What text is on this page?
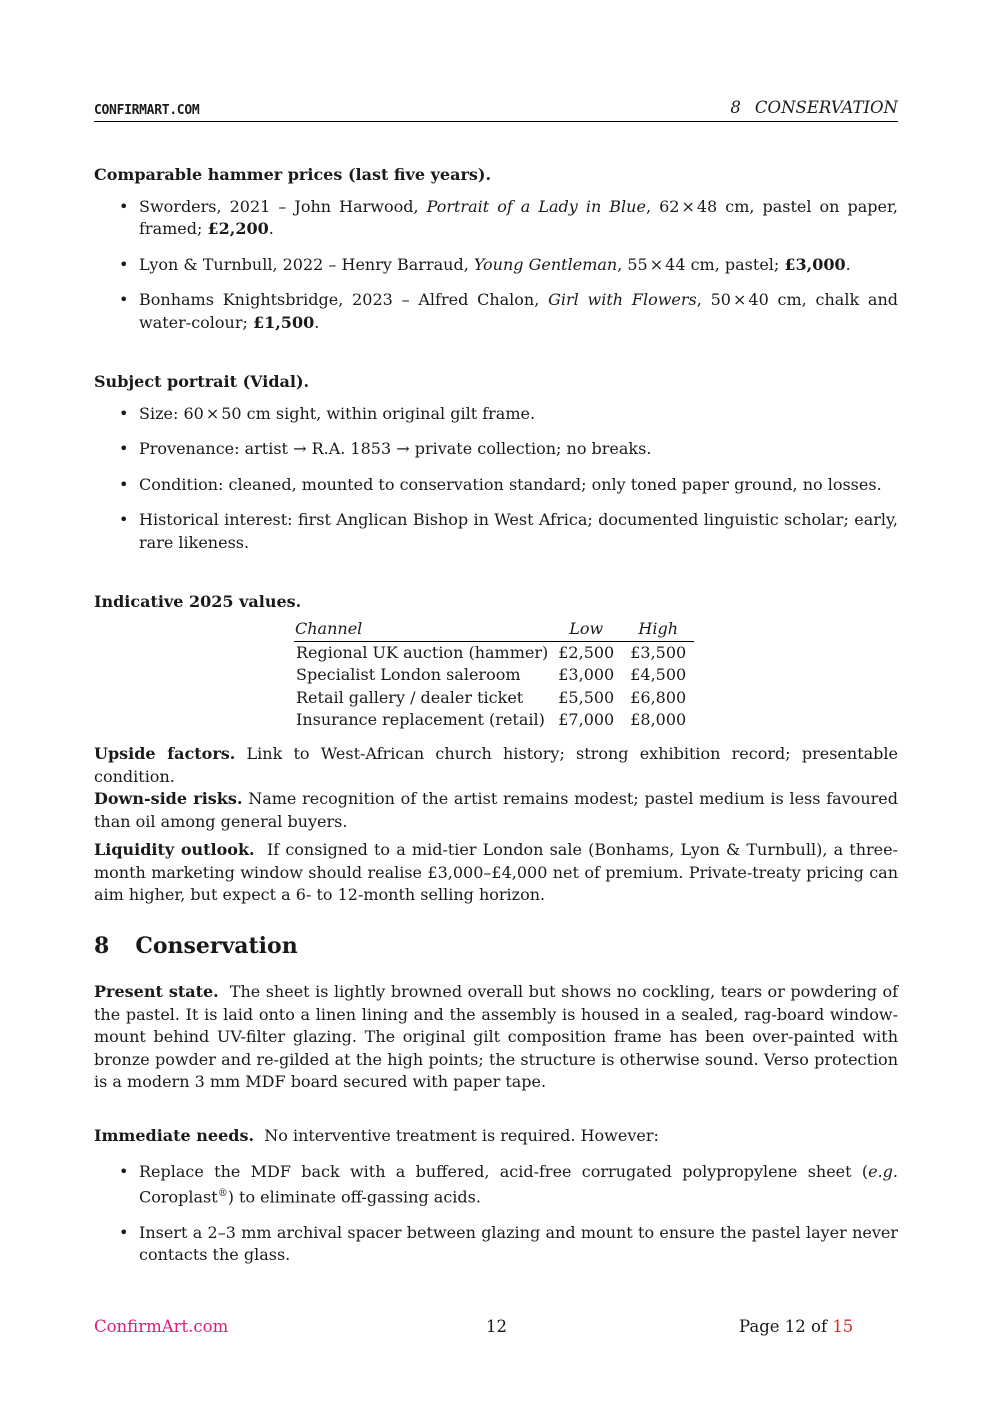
CONFIRMART.COM	8 CONSERVATION
Comparable hammer prices (last five years).
• Sworders, 2021 – John Harwood, Portrait of a Lady in Blue, 62 × 48 cm, pastel on paper, framed; £2,200.
• Lyon & Turnbull, 2022 – Henry Barraud, Young Gentleman, 55 × 44 cm, pastel; £3,000.
• Bonhams Knightsbridge, 2023 – Alfred Chalon, Girl with Flowers, 50 × 40 cm, chalk and water-colour; £1,500.
Subject portrait (Vidal).
• Size: 60 × 50 cm sight, within original gilt frame.
• Provenance: artist → R.A. 1853 → private collection; no breaks.
• Condition: cleaned, mounted to conservation standard; only toned paper ground, no losses.
• Historical interest: first Anglican Bishop in West Africa; documented linguistic scholar; early, rare likeness.
Indicative 2025 values.
Channel	Low	High
Regional UK auction (hammer)	£2,500	£3,500
Specialist London saleroom	£3,000	£4,500
Retail gallery / dealer ticket	£5,500	£6,800
Insurance replacement (retail)	£7,000	£8,000

Upside factors. Link to West-African church history; strong exhibition record; presentable condition.

Down-side risks. Name recognition of the artist remains modest; pastel medium is less favoured than oil among general buyers.

Liquidity outlook. If consigned to a mid-tier London sale (Bonhams, Lyon & Turnbull), a three-month marketing window should realise £3,000–£4,000 net of premium. Private-treaty pricing can aim higher, but expect a 6- to 12-month selling horizon.

8 Conservation

Present state. The sheet is lightly browned overall but shows no cockling, tears or powdering of the pastel. It is laid onto a linen lining and the assembly is housed in a sealed, rag-board window-mount behind UV-filter glazing. The original gilt composition frame has been over-painted with bronze powder and re-gilded at the high points; the structure is otherwise sound. Verso protection is a modern 3 mm MDF board secured with paper tape.

Immediate needs. No interventive treatment is required. However:

• Replace the MDF back with a buffered, acid-free corrugated polypropylene sheet (e.g. Coroplast®) to eliminate off-gassing acids.
• Insert a 2–3 mm archival spacer between glazing and mount to ensure the pastel layer never contacts the glass.
ConfirmArt.com	12	Page 12 of 15
